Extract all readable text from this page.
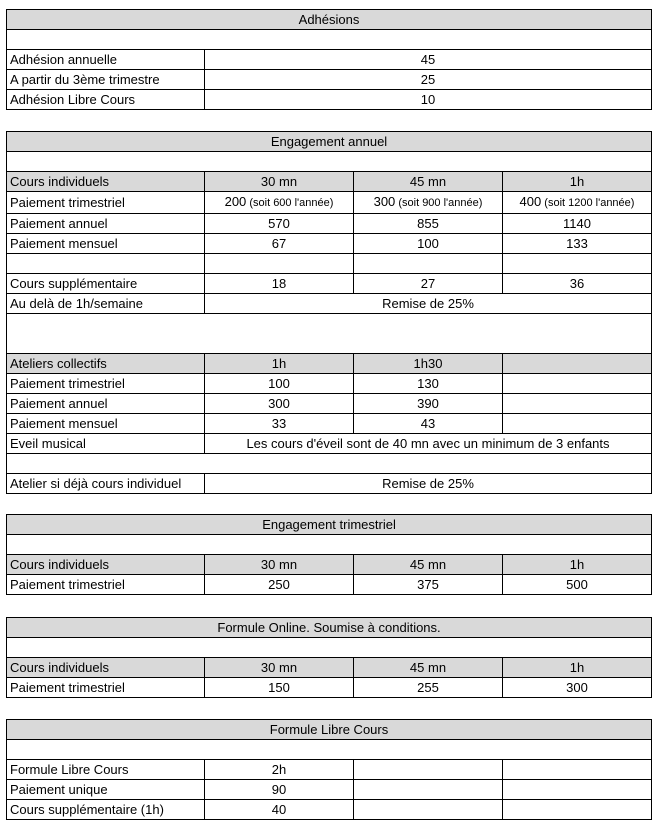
Adhésions	

Adhésion annuelle	45
A partir du 3ème trimestre	25
Adhésion Libre Cours	10
Engagement annuel			

Cours individuels	30 mn	45 mn	1h
Paiement trimestriel	200 (soit 600 l'année)	300 (soit 900 l'année)	400 (soit 1200 l'année)
Paiement annuel	570	855	1140
Paiement mensuel	67	100	133

Cours supplémentaire	18	27	36
Au delà de 1h/semaine	Remise de 25%		

Ateliers collectifs	1h	1h30	
Paiement trimestriel	100	130	
Paiement annuel	300	390	
Paiement mensuel	33	43	
Eveil musical	Les cours d'éveil sont de 40 mn avec un minimum de 3 enfants		

Atelier si déjà cours individuel	Remise de 25%		
Engagement trimestriel			

Cours individuels	30 mn	45 mn	1h
Paiement trimestriel	250	375	500
Formule Online. Soumise à conditions.			

Cours individuels	30 mn	45 mn	1h
Paiement trimestriel	150	255	300
Formule Libre Cours			

Formule Libre Cours	2h		
Paiement unique	90		
Cours supplémentaire (1h)	40		
